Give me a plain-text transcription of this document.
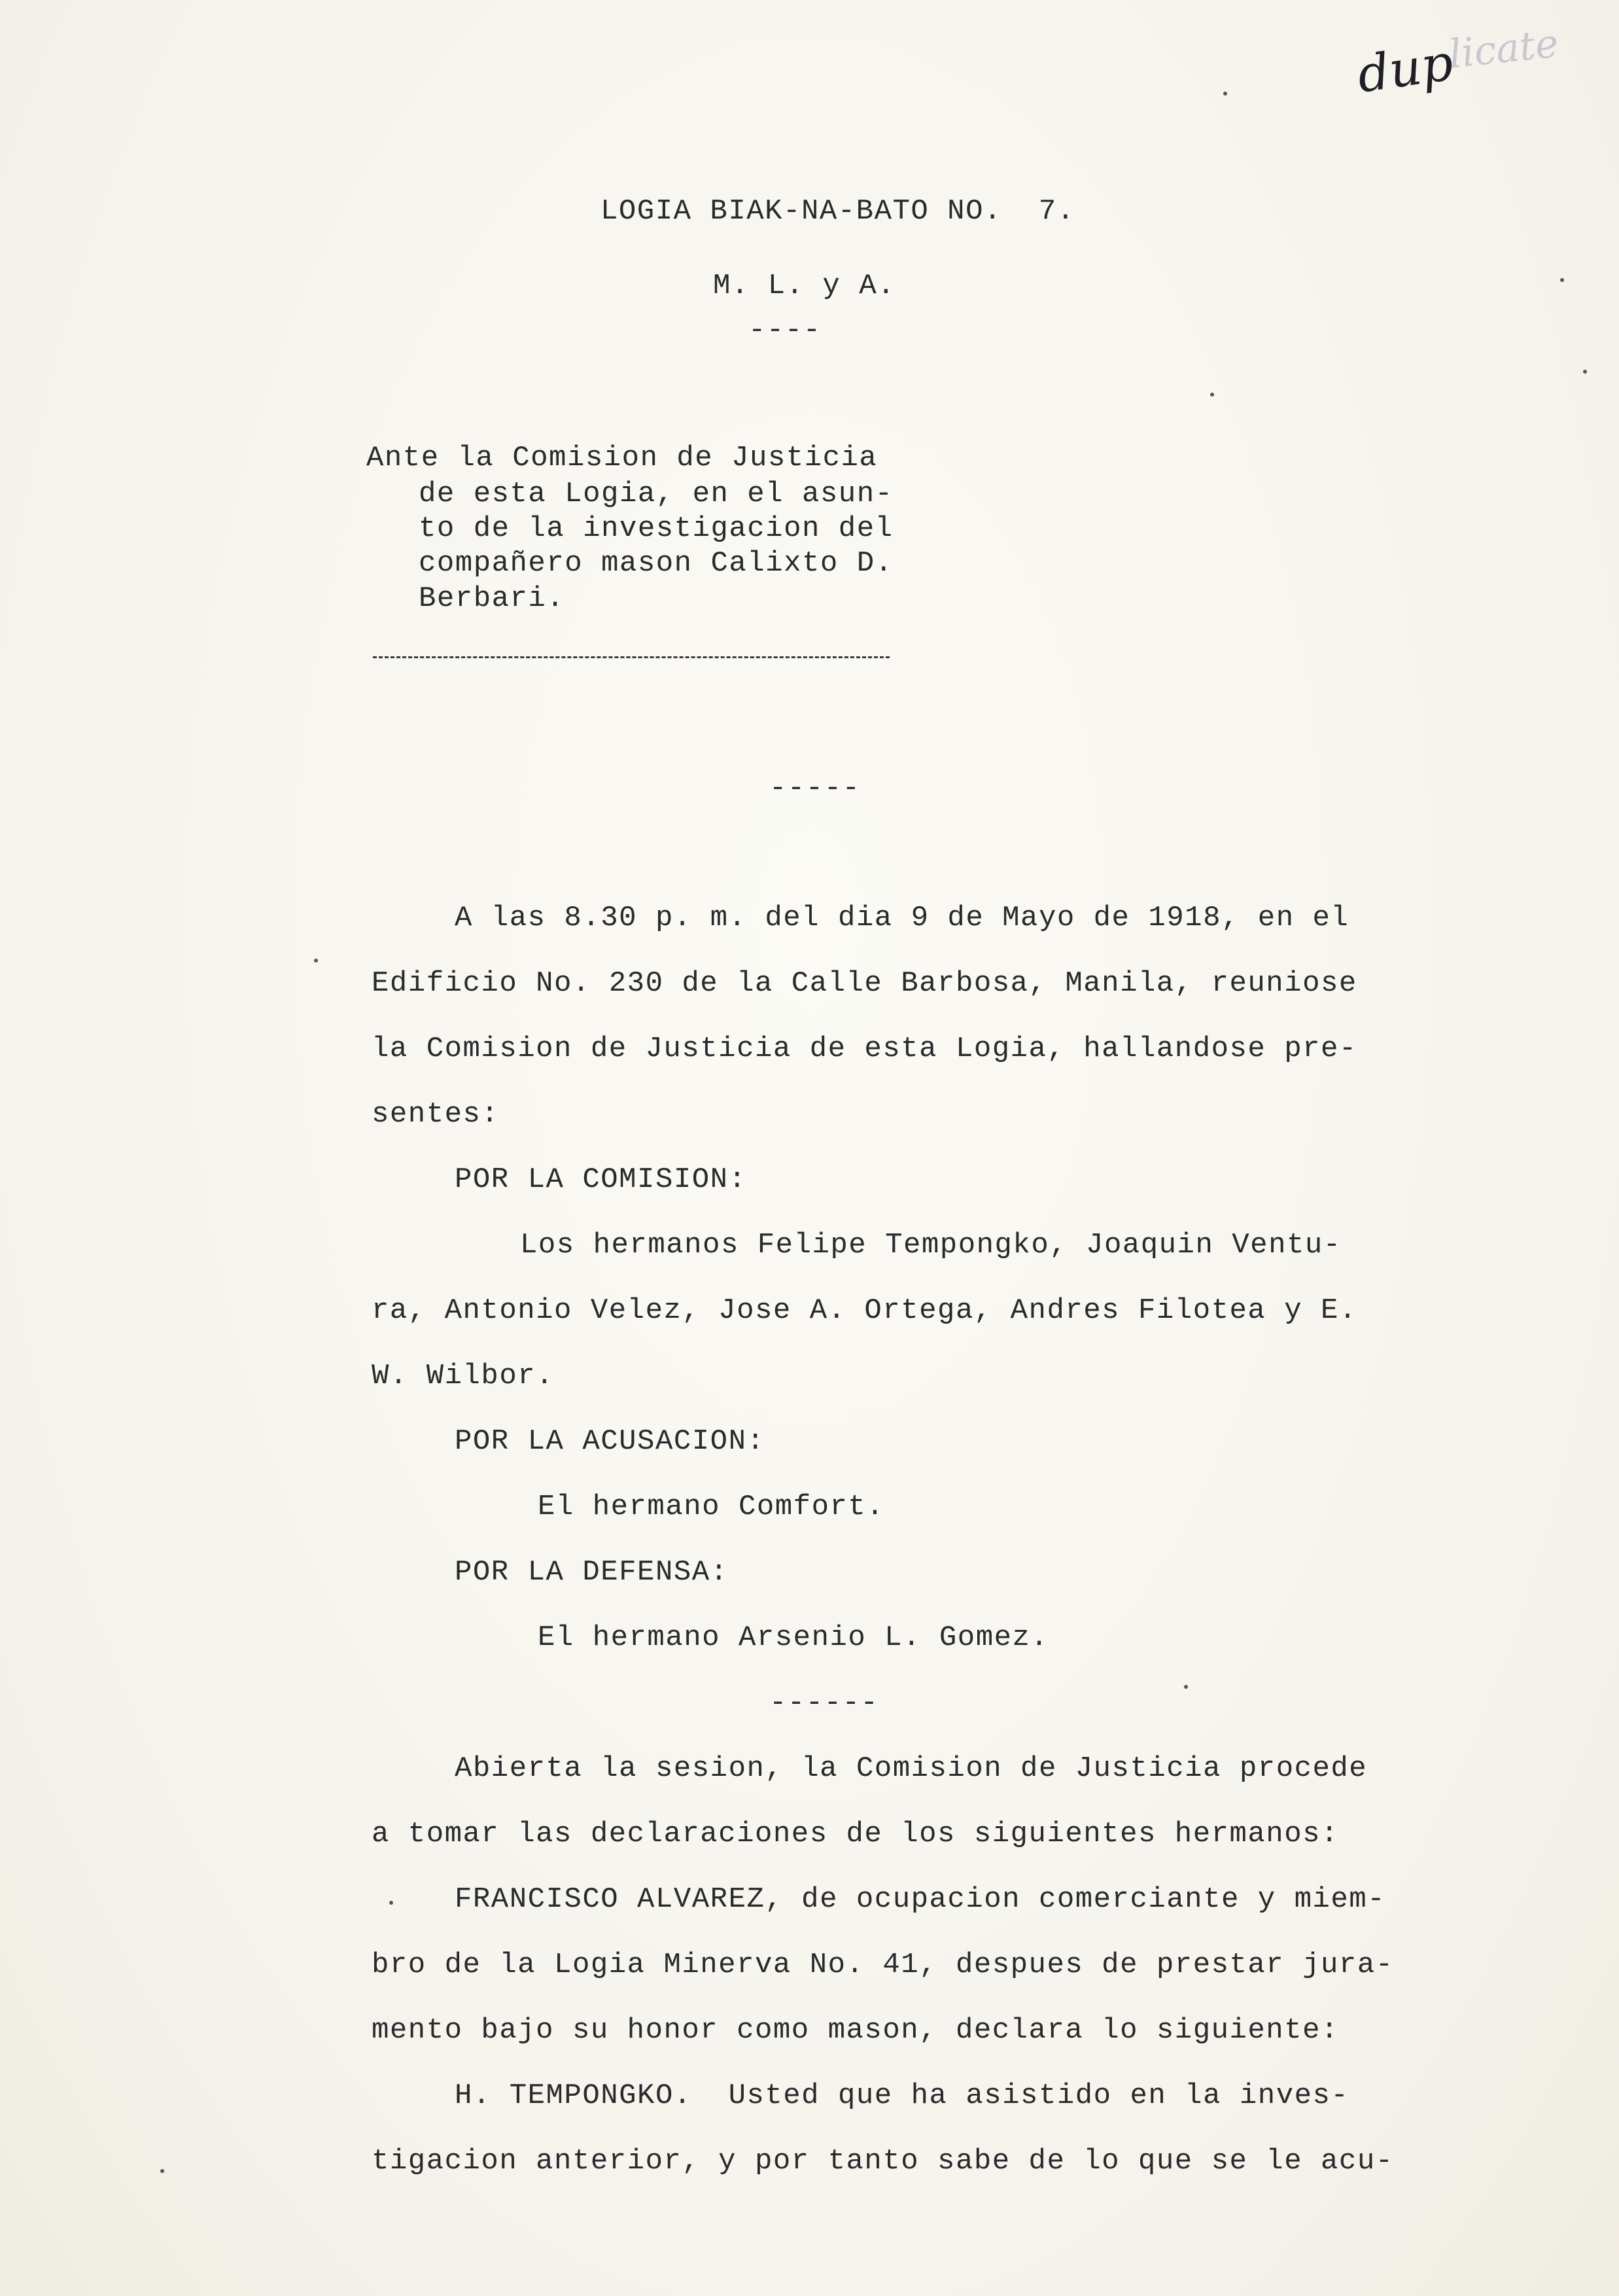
dup
licate
LOGIA BIAK-NA-BATO NO.  7.
M. L. y A.
----
Ante la Comision de Justicia
de esta Logia, en el asun-
to de la investigacion del
compañero mason Calixto D.
Berbari.
-----
A las 8.30 p. m. del dia 9 de Mayo de 1918, en el
Edificio No. 230 de la Calle Barbosa, Manila, reuniose
la Comision de Justicia de esta Logia, hallandose pre-
sentes:
POR LA COMISION:
Los hermanos Felipe Tempongko, Joaquin Ventu-
ra, Antonio Velez, Jose A. Ortega, Andres Filotea y E.
W. Wilbor.
POR LA ACUSACION:
El hermano Comfort.
POR LA DEFENSA:
El hermano Arsenio L. Gomez.
------
Abierta la sesion, la Comision de Justicia procede
a tomar las declaraciones de los siguientes hermanos:
FRANCISCO ALVAREZ, de ocupacion comerciante y miem-
bro de la Logia Minerva No. 41, despues de prestar jura-
mento bajo su honor como mason, declara lo siguiente:
H. TEMPONGKO.  Usted que ha asistido en la inves-
tigacion anterior, y por tanto sabe de lo que se le acu-
